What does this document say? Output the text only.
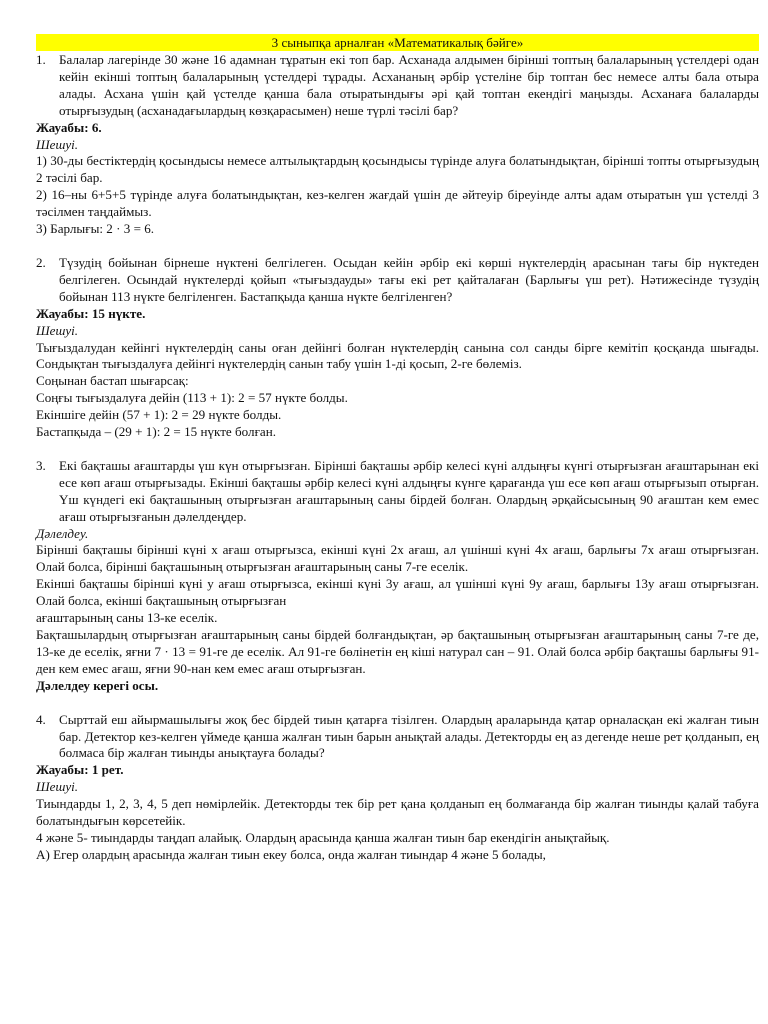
3 сыныпқа арналған «Математикалық бәйге»
1.	Балалар лагерінде 30 және 16 адамнан тұратын екі топ бар. Асханада алдымен бірінші топтың балаларының үстелдері одан кейін екінші топтың балаларының үстелдері тұрады. Асхананың әрбір үстеліне бір топтан бес немесе алты бала отыра алады. Асхана үшін қай үстелде қанша бала отыратындығы әрі қай топтан екендігі маңызды. Асханаға балаларды отырғызудың (асханадағылардың көзқарасымен) неше түрлі тәсілі бар?
Жауабы: 6.
Шешуі.
1) 30-ды бестіктердің қосындысы немесе алтылықтардың қосындысы түрінде алуға болатындықтан, бірінші топты отырғызудың 2 тәсілі бар.
2) 16–ны 6+5+5 түрінде алуға болатындықтан, кез-келген жағдай үшін де әйтеуір біреуінде алты адам отыратын үш үстелді 3 тәсілмен таңдаймыз.
3) Барлығы: 2 · 3 = 6.
2.	Түзудің бойынан бірнеше нүктені белгілеген. Осыдан кейін әрбір екі көрші нүктелердің арасынан тағы бір нүктеден белгілеген. Осындай нүктелерді қойып «тығыздауды» тағы екі рет қайталаған (Барлығы үш рет). Нәтижесінде түзудің бойынан 113 нүкте белгіленген. Бастапқыда қанша нүкте белгіленген?
Жауабы: 15 нүкте.
Шешуі.
Тығыздалудан кейінгі нүктелердің саны оған дейінгі болған нүктелердің санына сол санды бірге кемітіп қосқанда шығады. Сондықтан тығыздалуға дейінгі нүктелердің санын табу үшін 1-ді қосып, 2-ге бөлеміз.
Соңынан бастап шығарсақ:
Соңғы тығыздалуға дейін (113 + 1): 2 = 57 нүкте болды.
Екіншіге дейін (57 + 1): 2 = 29 нүкте болды.
Бастапқыда – (29 + 1): 2 = 15 нүкте болған.
3.	Екі бақташы ағаштарды үш күн отырғызған. Бірінші бақташы әрбір келесі күні алдыңғы күнгі отырғызған ағаштарынан екі есе көп ағаш отырғызады. Екінші бақташы әрбір келесі күні алдыңғы күнге қарағанда үш есе көп ағаш отырғызып отырған. Үш күндегі екі бақташының отырғызған ағаштарының саны бірдей болған. Олардың әрқайсысының 90 ағаштан кем емес ағаш отырғызғанын дәлелдеңдер.
Дәлелдеу.
Бірінші бақташы бірінші күні x ағаш отырғызса, екінші күні 2x ағаш, ал үшінші күні 4x ағаш, барлығы 7x ағаш отырғызған. Олай болса, бірінші бақташының отырғызған ағаштарының саны 7-ге еселік.
Екінші бақташы бірінші күні y ағаш отырғызса, екінші күні 3y ағаш, ал үшінші күні 9y ағаш, барлығы 13y ағаш отырғызған. Олай болса, екінші бақташының отырғызған
ағаштарының саны 13-ке еселік.
Бақташылардың отырғызған ағаштарының саны бірдей болғандықтан, әр бақташының отырғызған ағаштарының саны 7-ге де, 13-ке де еселік, яғни 7 · 13 = 91-ге де еселік. Ал 91-ге бөлінетін ең кіші натурал сан – 91. Олай болса әрбір бақташы барлығы 91-ден кем емес ағаш, яғни 90-нан кем емес ағаш отырғызған.
Дәлелдеу керегі осы.
4.	Сырттай еш айырмашылығы жоқ бес бірдей тиын қатарға тізілген. Олардың араларында қатар орналасқан екі жалған тиын бар. Детектор кез-келген үймеде қанша жалған тиын барын анықтай алады. Детекторды ең аз дегенде неше рет қолданып, ең болмаса бір жалған тиынды анықтауға болады?
Жауабы: 1 рет.
Шешуі.
Тиындарды 1, 2, 3, 4, 5 деп нөмірлейік. Детекторды тек бір рет қана қолданып ең болмағанда бір жалған тиынды қалай табуға болатындығын көрсетейік.
4 және 5- тиындарды таңдап алайық. Олардың арасында қанша жалған тиын бар екендігін анықтайық.
А) Егер олардың арасында жалған тиын екеу болса, онда жалған тиындар 4 және 5 болады,
